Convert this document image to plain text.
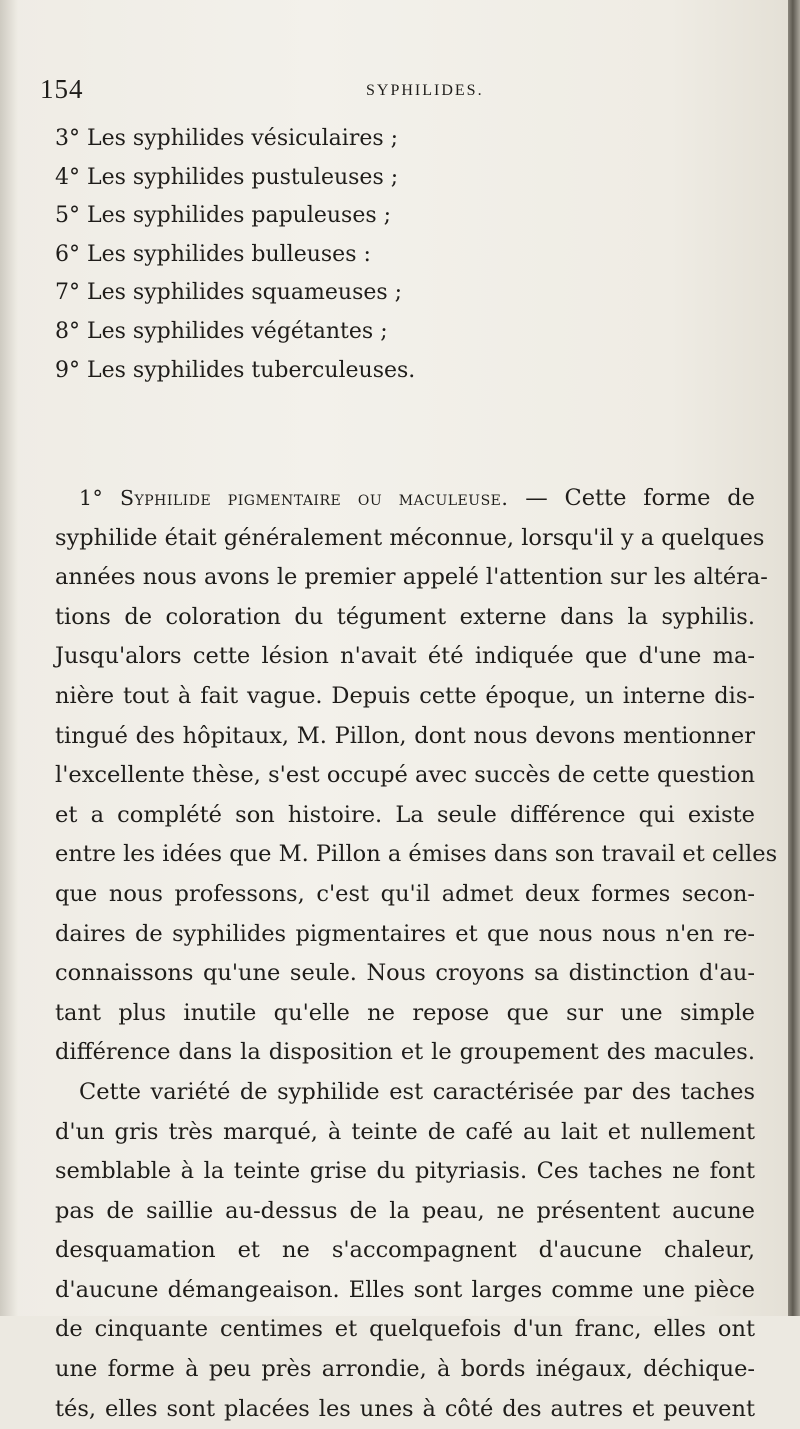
154	SYPHILIDES.
3° Les syphilides vésiculaires ;
4° Les syphilides pustuleuses ;
5° Les syphilides papuleuses ;
6° Les syphilides bulleuses :
7° Les syphilides squameuses ;
8° Les syphilides végétantes ;
9° Les syphilides tuberculeuses.
1° Syphilide pigmentaire ou maculeuse. — Cette forme de
syphilide était généralement méconnue, lorsqu'il y a quelques
années nous avons le premier appelé l'attention sur les altéra-
tions de coloration du tégument externe dans la syphilis.
Jusqu'alors cette lésion n'avait été indiquée que d'une ma-
nière tout à fait vague. Depuis cette époque, un interne dis-
tingué des hôpitaux, M. Pillon, dont nous devons mentionner
l'excellente thèse, s'est occupé avec succès de cette question
et a complété son histoire. La seule différence qui existe
entre les idées que M. Pillon a émises dans son travail et celles
que nous professons, c'est qu'il admet deux formes secon-
daires de syphilides pigmentaires et que nous nous n'en re-
connaissons qu'une seule. Nous croyons sa distinction d'au-
tant plus inutile qu'elle ne repose que sur une simple
différence dans la disposition et le groupement des macules.
Cette variété de syphilide est caractérisée par des taches
d'un gris très marqué, à teinte de café au lait et nullement
semblable à la teinte grise du pityriasis. Ces taches ne font
pas de saillie au-dessus de la peau, ne présentent aucune
desquamation et ne s'accompagnent d'aucune chaleur,
d'aucune démangeaison. Elles sont larges comme une pièce
de cinquante centimes et quelquefois d'un franc, elles ont
une forme à peu près arrondie, à bords inégaux, déchique-
tés, elles sont placées les unes à côté des autres et peuvent
